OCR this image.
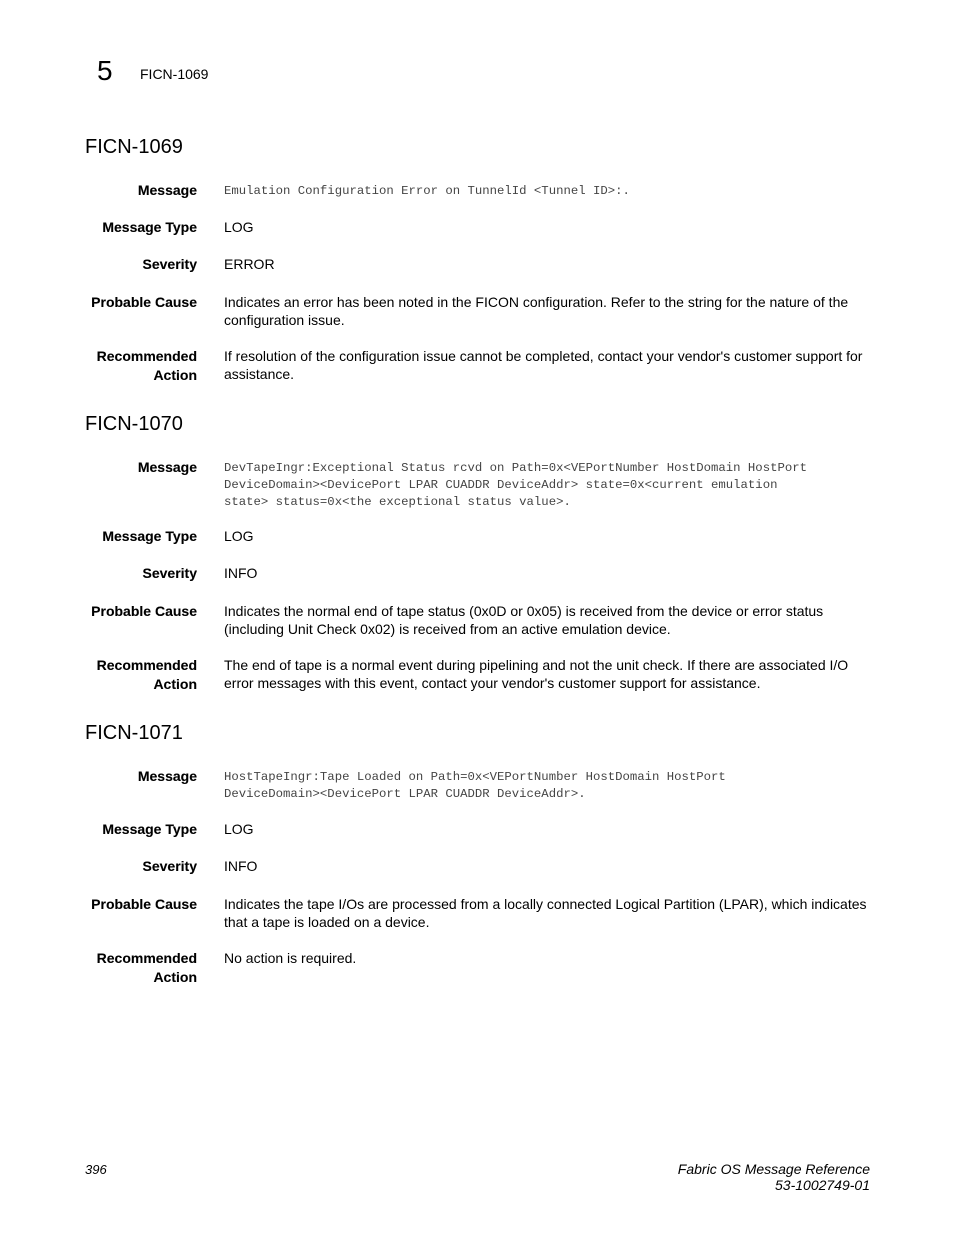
5 FICN-1069
FICN-1069
Message Emulation Configuration Error on TunnelId <Tunnel ID>:.
Message Type LOG
Severity ERROR
Probable Cause Indicates an error has been noted in the FICON configuration. Refer to the string for the nature of the
configuration issue.
Recommended
Action
If resolution of the configuration issue cannot be completed, contact your vendor's customer support for
assistance.
FICN-1070
Message DevTapeIngr:Exceptional Status rcvd on Path=0x<VEPortNumber HostDomain HostPort
DeviceDomain><DevicePort LPAR CUADDR DeviceAddr> state=0x<current emulation
state> status=0x<the exceptional status value>.
Message Type LOG
Severity INFO
Probable Cause Indicates the normal end of tape status (0x0D or 0x05) is received from the device or error status
(including Unit Check 0x02) is received from an active emulation device.
Recommended
Action
The end of tape is a normal event during pipelining and not the unit check. If there are associated I/O
error messages with this event, contact your vendor's customer support for assistance.
FICN-1071
Message HostTapeIngr:Tape Loaded on Path=0x<VEPortNumber HostDomain HostPort
DeviceDomain><DevicePort LPAR CUADDR DeviceAddr>.
Message Type LOG
Severity INFO
Probable Cause Indicates the tape I/Os are processed from a locally connected Logical Partition (LPAR), which indicates
that a tape is loaded on a device.
Recommended
Action
No action is required.
396	Fabric OS Message Reference
53-1002749-01
